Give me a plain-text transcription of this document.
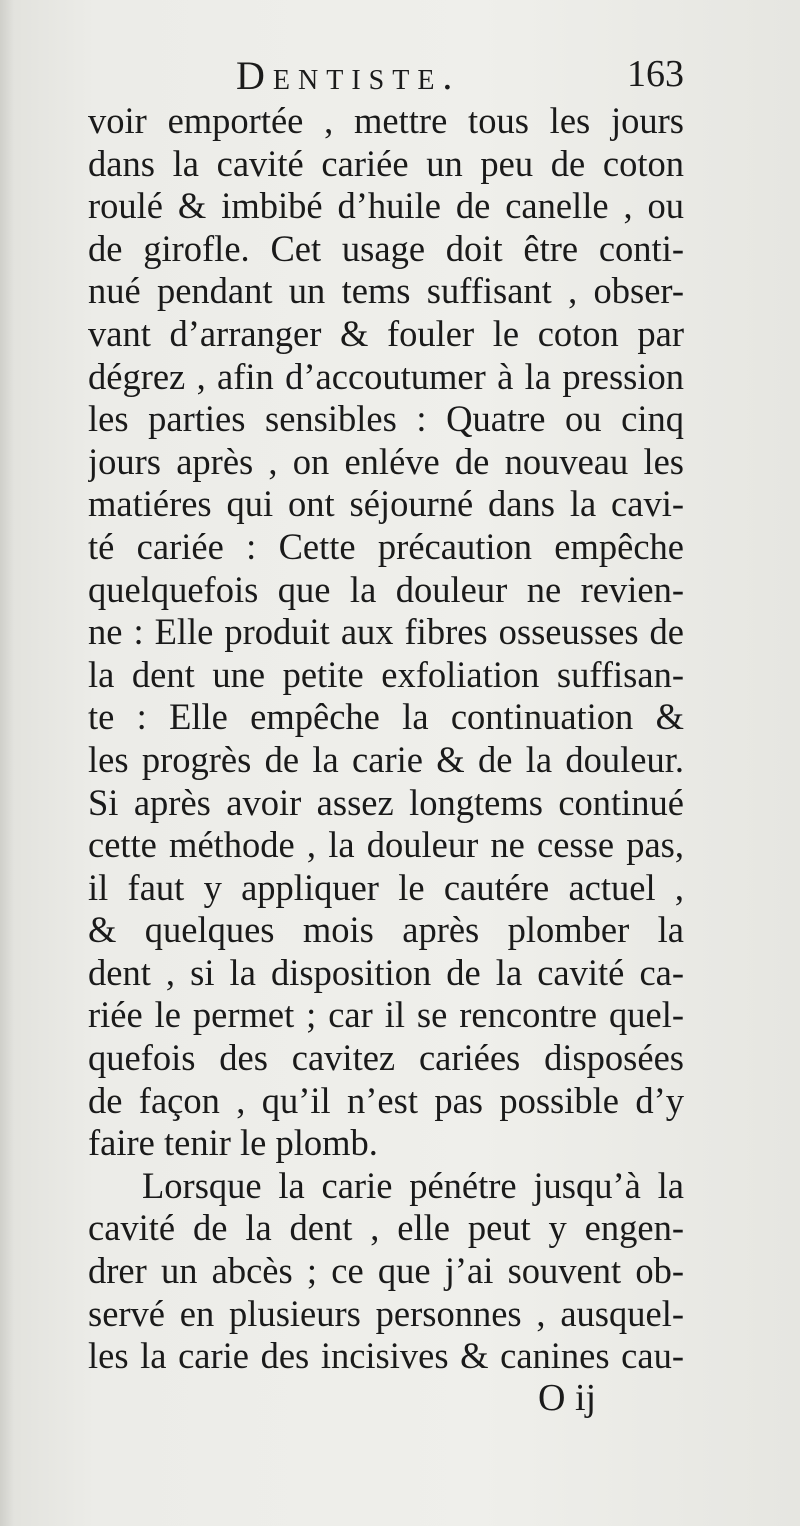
Dentiste.	163
voir emportée , mettre tous les jours
dans la cavité cariée un peu de coton
roulé & imbibé d’huile de canelle , ou
de girofle. Cet usage doit être conti-
nué pendant un tems suffisant , obser-
vant d’arranger & fouler le coton par
dégrez , afin d’accoutumer à la pression
les parties sensibles : Quatre ou cinq
jours après , on enléve de nouveau les
matiéres qui ont séjourné dans la cavi-
té cariée : Cette précaution empêche
quelquefois que la douleur ne revien-
ne : Elle produit aux fibres osseusses de
la dent une petite exfoliation suffisan-
te : Elle empêche la continuation &
les progrès de la carie & de la douleur.
Si après avoir assez longtems continué
cette méthode , la douleur ne cesse pas,
il faut y appliquer le cautére actuel ,
& quelques mois après plomber la
dent , si la disposition de la cavité ca-
riée le permet ; car il se rencontre quel-
quefois des cavitez cariées disposées
de façon , qu’il n’est pas possible d’y
faire tenir le plomb.
Lorsque la carie pénétre jusqu’à la
cavité de la dent , elle peut y engen-
drer un abcès ; ce que j’ai souvent ob-
servé en plusieurs personnes , ausquel-
les la carie des incisives & canines cau-
O ij
